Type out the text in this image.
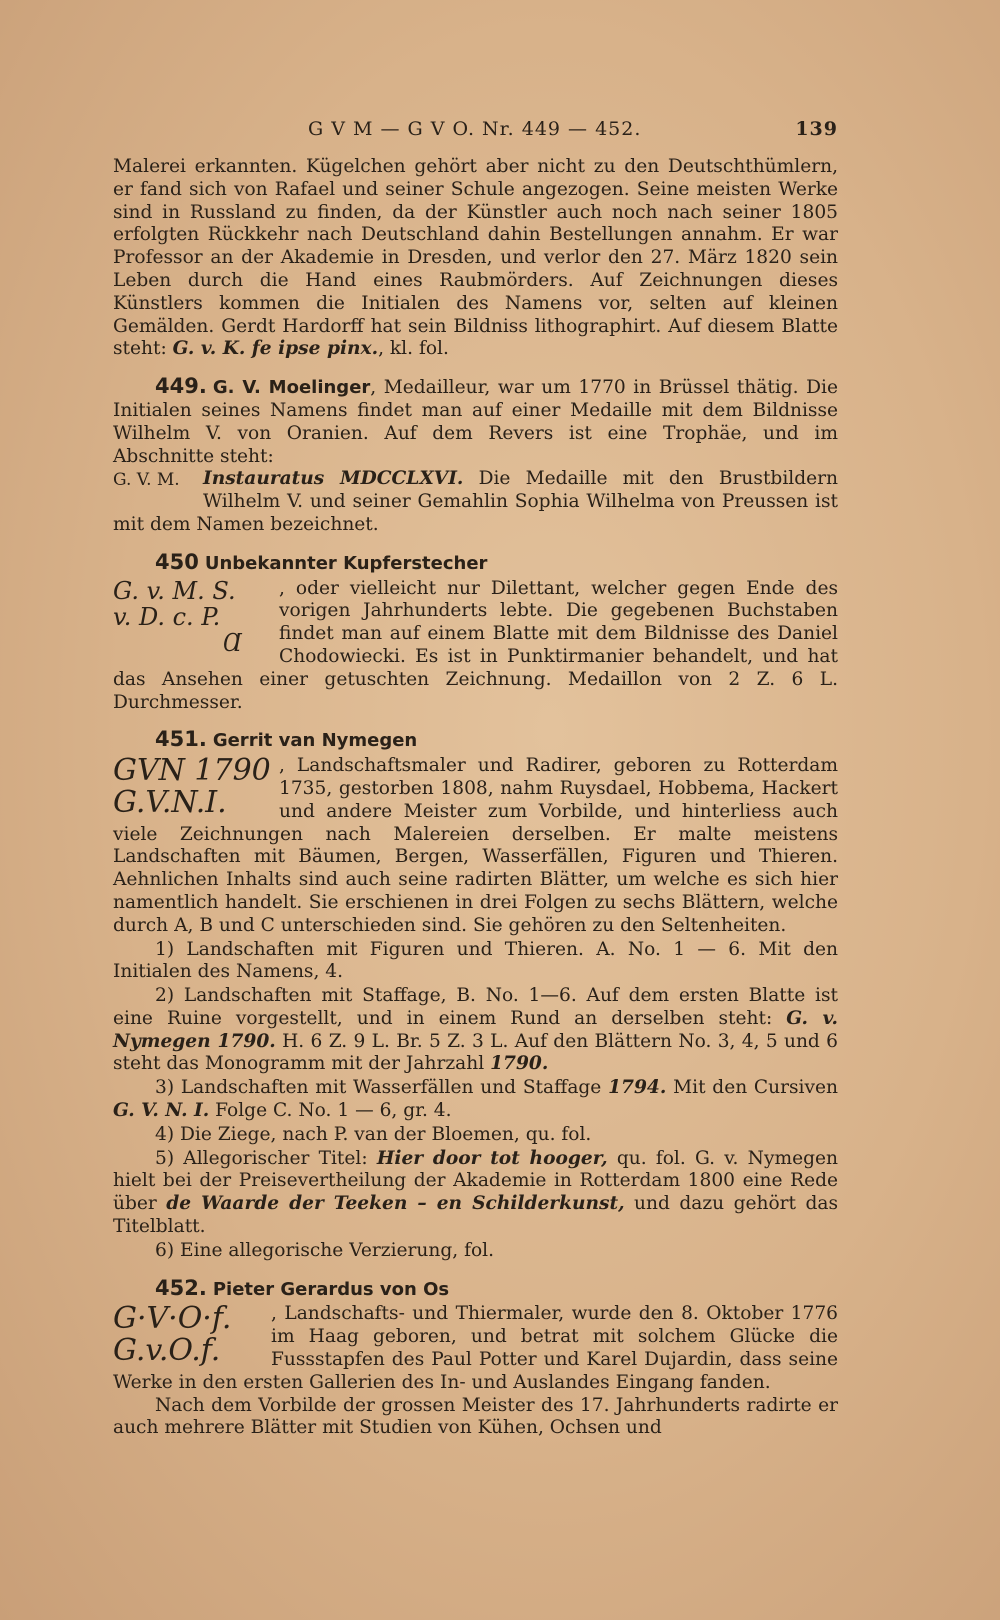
G V M — G V O. Nr. 449 — 452.	139

Malerei erkannten. Kügelchen gehört aber nicht zu den Deutschthümlern, er fand sich von Rafael und seiner Schule angezogen. Seine meisten Werke sind in Russland zu finden, da der Künstler auch noch nach seiner 1805 erfolgten Rückkehr nach Deutschland dahin Bestellungen annahm. Er war Professor an der Akademie in Dresden, und verlor den 27. März 1820 sein Leben durch die Hand eines Raubmörders. Auf Zeichnungen dieses Künstlers kommen die Initialen des Namens vor, selten auf kleinen Gemälden. Gerdt Hardorff hat sein Bildniss lithographirt. Auf diesem Blatte steht: G. v. K. fe ipse pinx., kl. fol.

449. G. V. Moelinger, Medailleur, war um 1770 in Brüssel thätig. Die Initialen seines Namens findet man auf einer Medaille mit dem Bildnisse Wilhelm V. von Oranien. Auf dem Revers ist eine Trophäe, und im Abschnitte steht:

G. V. M.	Instauratus MDCCLXVI. Die Medaille mit den Brustbildern Wilhelm V. und seiner Gemahlin Sophia Wilhelma von Preussen ist mit dem Namen bezeichnet.

450 Unbekannter Kupferstecher

G. v. M. S.
v. D. c. P.
Ɑ

, oder vielleicht nur Dilettant, welcher gegen Ende des vorigen Jahrhunderts lebte. Die gegebenen Buchstaben findet man auf einem Blatte mit dem Bildnisse des Daniel Chodowiecki. Es ist in Punktirmanier behandelt, und hat das Ansehen einer getuschten Zeichnung. Medaillon von 2 Z. 6 L. Durchmesser.

451. Gerrit van Nymegen

GVN 1790
G.V.N.I.

, Landschaftsmaler und Radirer, geboren zu Rotterdam 1735, gestorben 1808, nahm Ruysdael, Hobbema, Hackert und andere Meister zum Vorbilde, und hinterliess auch viele Zeichnungen nach Malereien derselben. Er malte meistens Landschaften mit Bäumen, Bergen, Wasserfällen, Figuren und Thieren. Aehnlichen Inhalts sind auch seine radirten Blätter, um welche es sich hier namentlich handelt. Sie erschienen in drei Folgen zu sechs Blättern, welche durch A, B und C unterschieden sind. Sie gehören zu den Seltenheiten.

1) Landschaften mit Figuren und Thieren. A. No. 1 — 6. Mit den Initialen des Namens, 4.

2) Landschaften mit Staffage, B. No. 1—6. Auf dem ersten Blatte ist eine Ruine vorgestellt, und in einem Rund an derselben steht: G. v. Nymegen 1790. H. 6 Z. 9 L. Br. 5 Z. 3 L. Auf den Blättern No. 3, 4, 5 und 6 steht das Monogramm mit der Jahrzahl 1790.

3) Landschaften mit Wasserfällen und Staffage 1794. Mit den Cursiven G. V. N. I. Folge C. No. 1 — 6, gr. 4.

4) Die Ziege, nach P. van der Bloemen, qu. fol.

5) Allegorischer Titel: Hier door tot hooger, qu. fol. G. v. Nymegen hielt bei der Preisevertheilung der Akademie in Rotterdam 1800 eine Rede über de Waarde der Teeken – en Schilderkunst, und dazu gehört das Titelblatt.

6) Eine allegorische Verzierung, fol.

452. Pieter Gerardus von Os

G·V·O·f.
G.v.O.f.

, Landschafts- und Thiermaler, wurde den 8. Oktober 1776 im Haag geboren, und betrat mit solchem Glücke die Fussstapfen des Paul Potter und Karel Dujardin, dass seine Werke in den ersten Gallerien des In- und Auslandes Eingang fanden.

Nach dem Vorbilde der grossen Meister des 17. Jahrhunderts radirte er auch mehrere Blätter mit Studien von Kühen, Ochsen und
